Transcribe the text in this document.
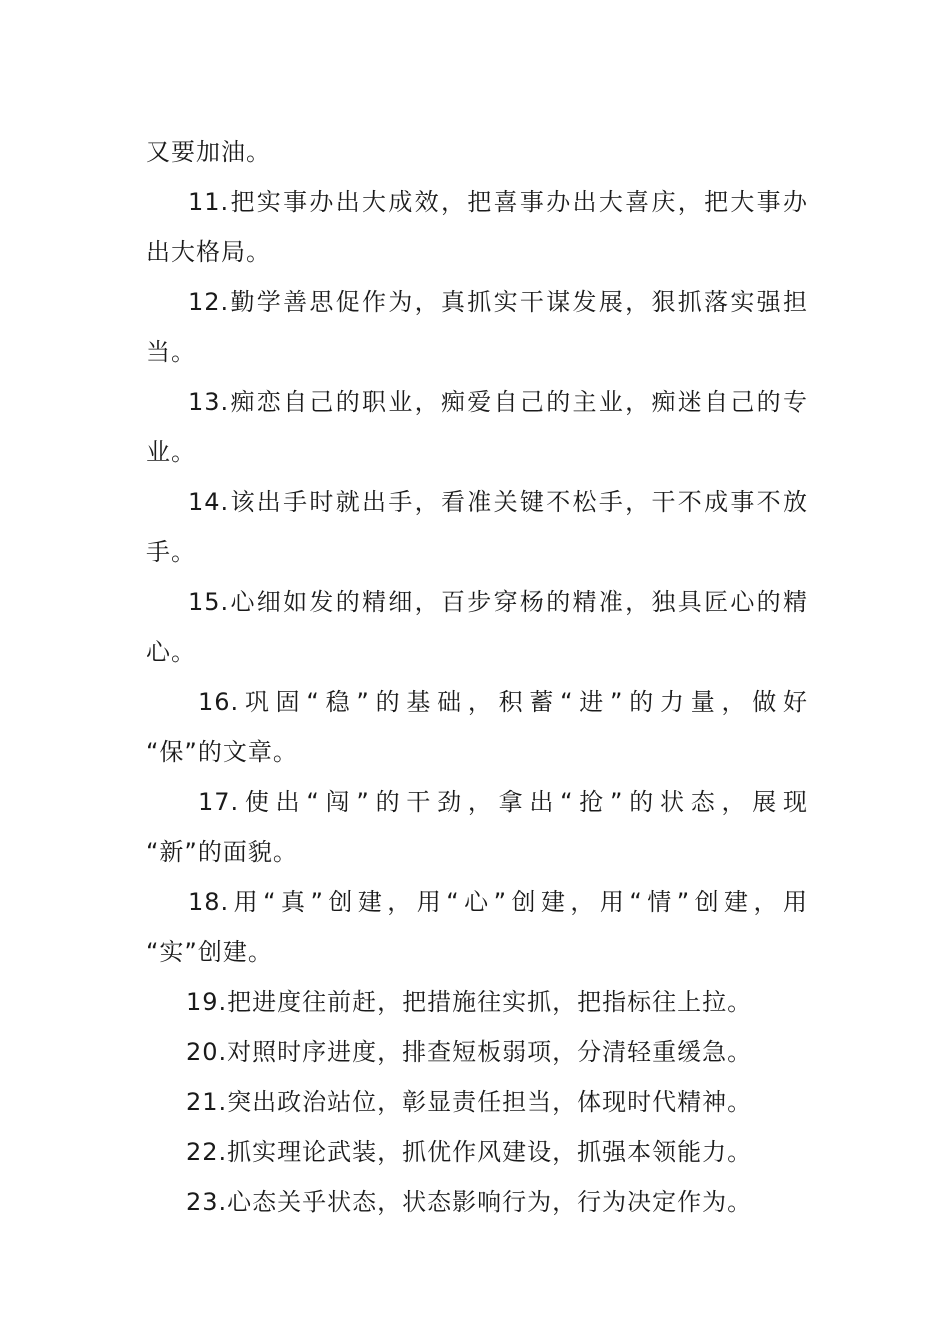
又要加油。
11.把实事办出大成效，把喜事办出大喜庆，把大事办
出大格局。
12.勤学善思促作为，真抓实干谋发展，狠抓落实强担
当。
13.痴恋自己的职业，痴爱自己的主业，痴迷自己的专
业。
14.该出手时就出手，看准关键不松手，干不成事不放
手。
15.心细如发的精细，百步穿杨的精准，独具匠心的精
心。
16.巩固“稳”的基础，积蓄“进”的力量，做好
“保”的文章。
17.使出“闯”的干劲，拿出“抢”的状态，展现
“新”的面貌。
18.用“真”创建，用“心”创建，用“情”创建，用
“实”创建。
19.把进度往前赶，把措施往实抓，把指标往上拉。
20.对照时序进度，排查短板弱项，分清轻重缓急。
21.突出政治站位，彰显责任担当，体现时代精神。
22.抓实理论武装，抓优作风建设，抓强本领能力。
23.心态关乎状态，状态影响行为，行为决定作为。
